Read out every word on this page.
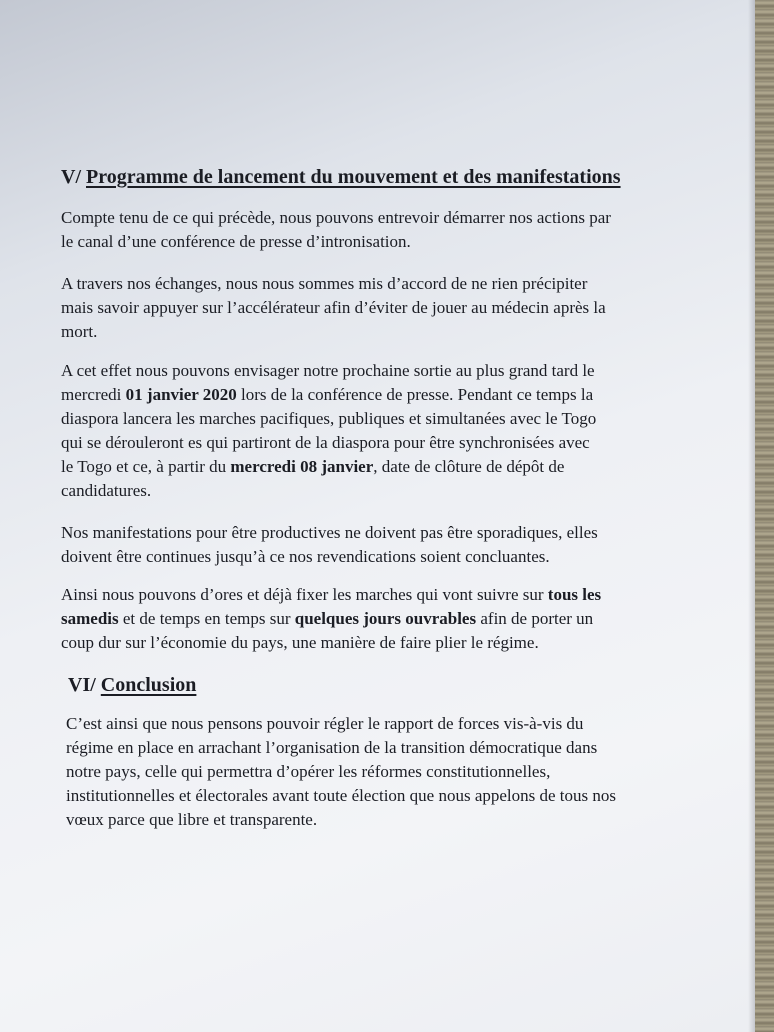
V/ Programme de lancement du mouvement et des manifestations
Compte tenu de ce qui précède, nous pouvons entrevoir démarrer nos actions par
le canal d’une conférence de presse d’intronisation.
A travers nos échanges, nous nous sommes mis d’accord de ne rien précipiter
mais savoir appuyer sur l’accélérateur afin d’éviter de jouer au médecin après la
mort.
A cet effet nous pouvons envisager notre prochaine sortie au plus grand tard le
mercredi 01 janvier 2020 lors de la conférence de presse. Pendant ce temps la
diaspora lancera les marches pacifiques, publiques et simultanées avec le Togo
qui se dérouleront es qui partiront de la diaspora pour être synchronisées avec
le Togo et ce, à partir du mercredi 08 janvier, date de clôture de dépôt de
candidatures.
Nos manifestations pour être productives ne doivent pas être sporadiques, elles
doivent être continues jusqu’à ce nos revendications soient concluantes.
Ainsi nous pouvons d’ores et déjà fixer les marches qui vont suivre sur tous les
samedis et de temps en temps sur quelques jours ouvrables afin de porter un
coup dur sur l’économie du pays, une manière de faire plier le régime.
VI/ Conclusion
C’est ainsi que nous pensons pouvoir régler le rapport de forces vis-à-vis du
régime en place en arrachant l’organisation de la transition démocratique dans
notre pays, celle qui permettra d’opérer les réformes constitutionnelles,
institutionnelles et électorales avant toute élection que nous appelons de tous nos
vœux parce que libre et transparente.
